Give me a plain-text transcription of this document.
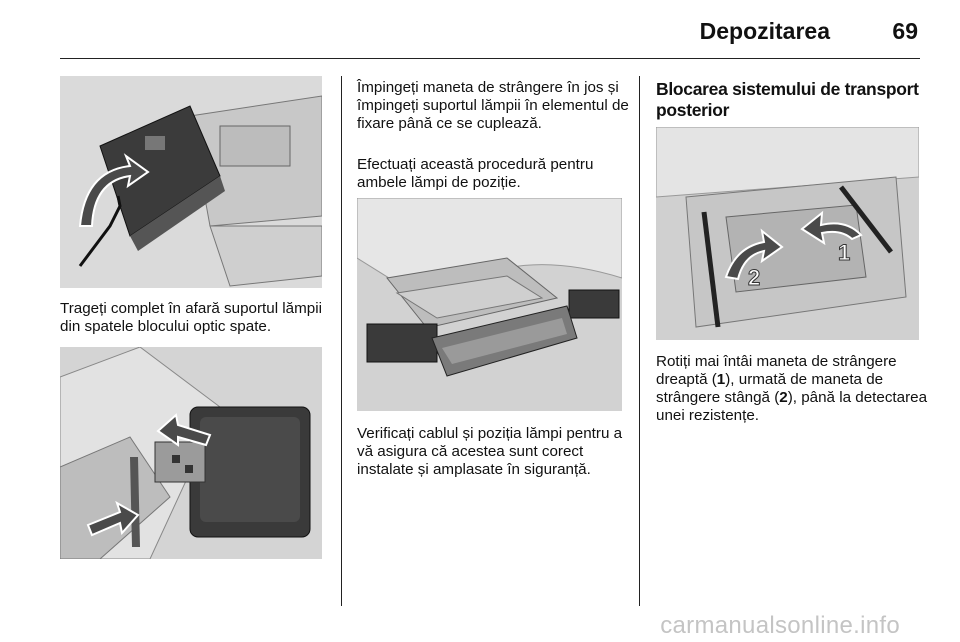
Depozitarea	69

Trageți complet în afară suportul lămpii din spatele blocului optic spate.

Împingeți maneta de strângere în jos și împingeți suportul lămpii în elementul de fixare până ce se cuplează.

Efectuați această procedură pentru ambele lămpi de poziție.

Verificați cablul și poziția lămpi pentru a vă asigura că acestea sunt corect instalate și amplasate în siguranță.

Blocarea sistemului de transport posterior
2
1

Rotiți mai întâi maneta de strângere dreaptă (1), urmată de maneta de strângere stângă (2), până la detectarea unei rezistențe.

carmanualsonline.info
